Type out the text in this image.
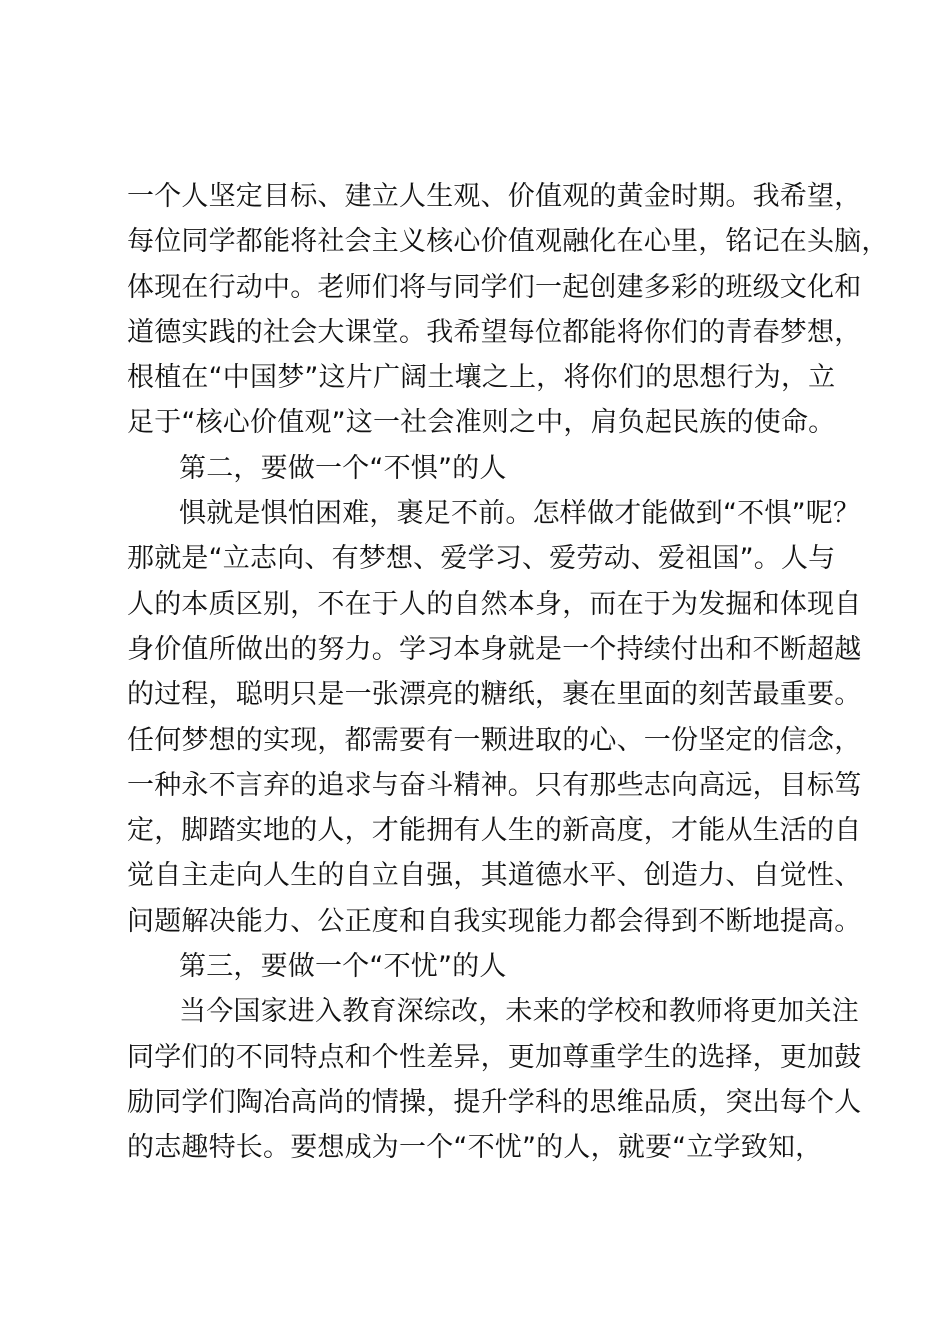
一个人坚定目标、建立人生观、价值观的黄金时期。我希望，
每位同学都能将社会主义核心价值观融化在心里，铭记在头脑，
体现在行动中。老师们将与同学们一起创建多彩的班级文化和
道德实践的社会大课堂。我希望每位都能将你们的青春梦想，
根植在“中国梦”这片广阔土壤之上，将你们的思想行为，立
足于“核心价值观”这一社会准则之中，肩负起民族的使命。
第二，要做一个“不惧”的人
惧就是惧怕困难，裹足不前。怎样做才能做到“不惧”呢？
那就是“立志向、有梦想、爱学习、爱劳动、爱祖国”。人与
人的本质区别，不在于人的自然本身，而在于为发掘和体现自
身价值所做出的努力。学习本身就是一个持续付出和不断超越
的过程，聪明只是一张漂亮的糖纸，裹在里面的刻苦最重要。
任何梦想的实现，都需要有一颗进取的心、一份坚定的信念，
一种永不言弃的追求与奋斗精神。只有那些志向高远，目标笃
定，脚踏实地的人，才能拥有人生的新高度，才能从生活的自
觉自主走向人生的自立自强，其道德水平、创造力、自觉性、
问题解决能力、公正度和自我实现能力都会得到不断地提高。
第三，要做一个“不忧”的人
当今国家进入教育深综改，未来的学校和教师将更加关注
同学们的不同特点和个性差异，更加尊重学生的选择，更加鼓
励同学们陶冶高尚的情操，提升学科的思维品质，突出每个人
的志趣特长。要想成为一个“不忧”的人，就要“立学致知，
